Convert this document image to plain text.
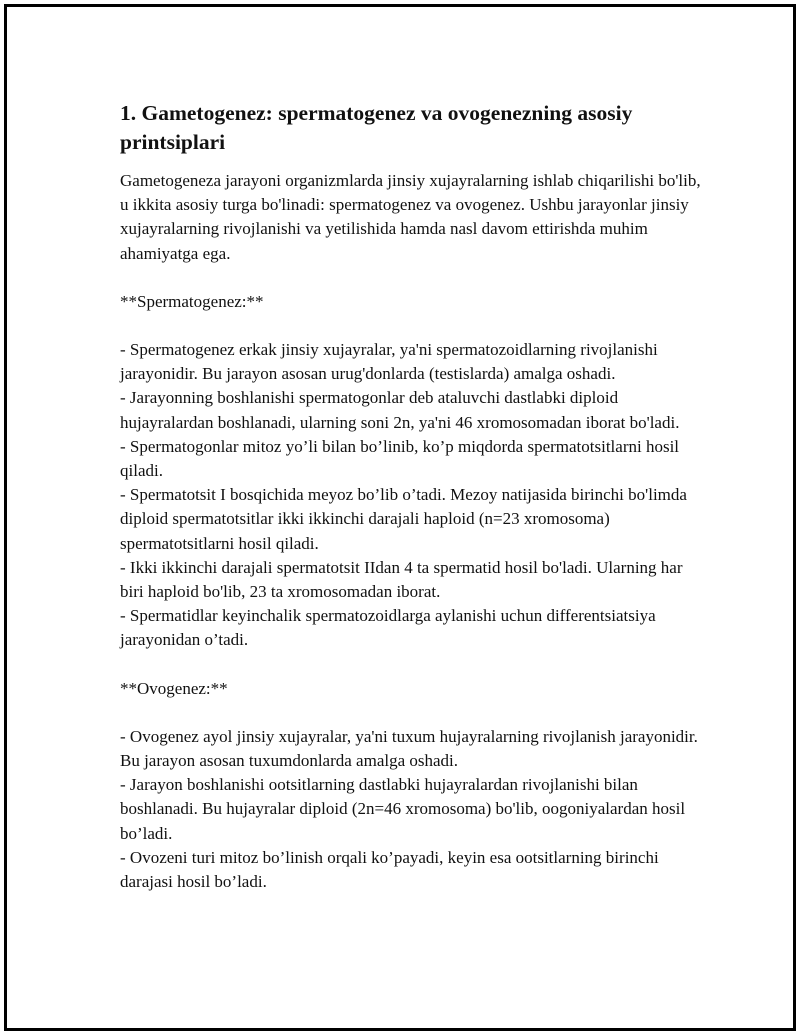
1. Gametogenez: spermatogenez va ovogenezning asosiy printsiplari

Gametogeneza jarayoni organizmlarda jinsiy xujayralarning ishlab chiqarilishi bo'lib, u ikkita asosiy turga bo'linadi: spermatogenez va ovogenez. Ushbu jarayonlar jinsiy xujayralarning rivojlanishi va yetilishida hamda nasl davom ettirishda muhim ahamiyatga ega.

**Spermatogenez:**

- Spermatogenez erkak jinsiy xujayralar, ya'ni spermatozoidlarning rivojlanishi jarayonidir. Bu jarayon asosan urug'donlarda (testislarda) amalga oshadi.
- Jarayonning boshlanishi spermatogonlar deb ataluvchi dastlabki diploid hujayralardan boshlanadi, ularning soni 2n, ya'ni 46 xromosomadan iborat bo'ladi.
- Spermatogonlar mitoz yo’li bilan bo’linib, ko’p miqdorda spermatotsitlarni hosil qiladi.
- Spermatotsit I bosqichida meyoz bo’lib o’tadi. Mezoy natijasida birinchi bo'limda diploid spermatotsitlar ikki ikkinchi darajali haploid (n=23 xromosoma) spermatotsitlarni hosil qiladi.
- Ikki ikkinchi darajali spermatotsit IIdan 4 ta spermatid hosil bo'ladi. Ularning har biri haploid bo'lib, 23 ta xromosomadan iborat.
- Spermatidlar keyinchalik spermatozoidlarga aylanishi uchun differentsiatsiya jarayonidan o’tadi.

**Ovogenez:**

- Ovogenez ayol jinsiy xujayralar, ya'ni tuxum hujayralarning rivojlanish jarayonidir. Bu jarayon asosan tuxumdonlarda amalga oshadi.
- Jarayon boshlanishi ootsitlarning dastlabki hujayralardan rivojlanishi bilan boshlanadi. Bu hujayralar diploid (2n=46 xromosoma) bo'lib, oogoniyalardan hosil bo’ladi.
- Ovozeni turi mitoz bo’linish orqali ko’payadi, keyin esa ootsitlarning birinchi darajasi hosil bo’ladi.
